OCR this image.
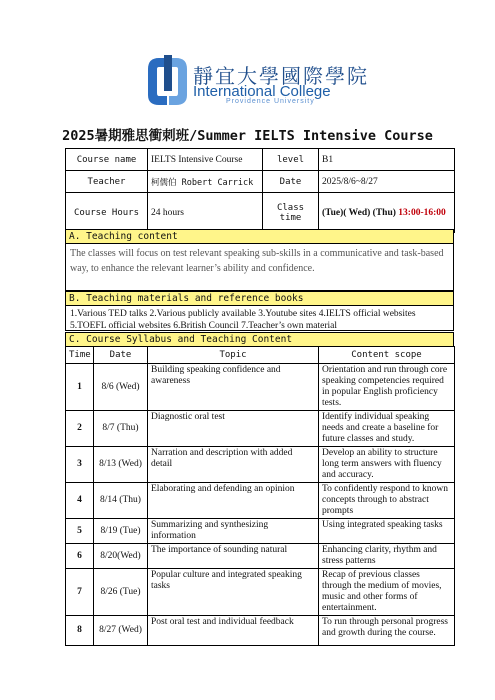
靜宜大學國際學院
International College
Providence University
2025暑期雅思衝刺班/Summer IELTS Intensive Course
Course name	IELTS Intensive Course	level	B1
Teacher	柯儒伯 Robert Carrick	Date	2025/8/6~8/27
Course Hours	24 hours	Class time	(Tue)( Wed) (Thu) 13:00-16:00
A. Teaching content
The classes will focus on test relevant speaking sub-skills in a communicative and task-based way, to enhance the relevant learner’s ability and confidence.
B. Teaching materials and reference books
1.Various TED talks 2.Various publicly available 3.Youtube sites 4.IELTS official websites
5.TOEFL official websites 6.British Council 7.Teacher’s own material
C. Course Syllabus and Teaching Content
Time	Date	Topic	Content scope
1	8/6 (Wed)	Building speaking confidence and awareness	Orientation and run through core speaking competencies required in popular English proficiency tests.
2	8/7 (Thu)	Diagnostic oral test	Identify individual speaking needs and create a baseline for future classes and study.
3	8/13 (Wed)	Narration and description with added detail	Develop an ability to structure long term answers with fluency and accuracy.
4	8/14 (Thu)	Elaborating and defending an opinion	To confidently respond to known concepts through to abstract prompts
5	8/19 (Tue)	Summarizing and synthesizing information	Using integrated speaking tasks
6	8/20(Wed)	The importance of sounding natural	Enhancing clarity, rhythm and stress patterns
7	8/26 (Tue)	Popular culture and integrated speaking tasks	Recap of previous classes through the medium of movies, music and other forms of entertainment.
8	8/27 (Wed)	Post oral test and individual feedback	To run through personal progress and growth during the course.
